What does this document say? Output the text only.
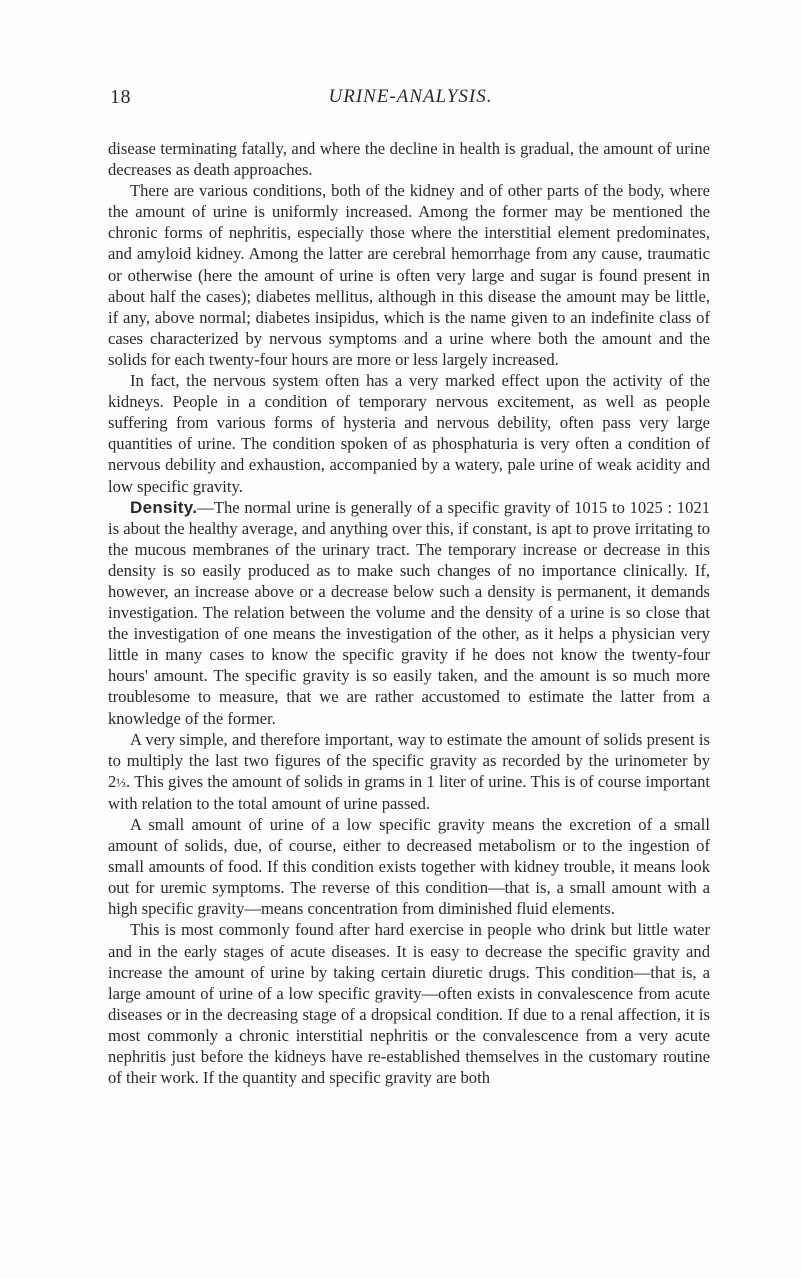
18	URINE-ANALYSIS.

disease terminating fatally, and where the decline in health is gradual, the amount of urine decreases as death approaches.

There are various conditions, both of the kidney and of other parts of the body, where the amount of urine is uniformly increased. Among the former may be mentioned the chronic forms of nephritis, especially those where the interstitial element predominates, and amyloid kidney. Among the latter are cerebral hemorrhage from any cause, traumatic or otherwise (here the amount of urine is often very large and sugar is found present in about half the cases); diabetes mellitus, although in this disease the amount may be little, if any, above normal; diabetes insipidus, which is the name given to an indefinite class of cases characterized by nervous symptoms and a urine where both the amount and the solids for each twenty-four hours are more or less largely increased.

In fact, the nervous system often has a very marked effect upon the activity of the kidneys. People in a condition of temporary nervous excitement, as well as people suffering from various forms of hysteria and nervous debility, often pass very large quantities of urine. The condition spoken of as phosphaturia is very often a condition of nervous debility and exhaustion, accompanied by a watery, pale urine of weak acidity and low specific gravity.

Density.—The normal urine is generally of a specific gravity of 1015 to 1025 : 1021 is about the healthy average, and anything over this, if constant, is apt to prove irritating to the mucous membranes of the urinary tract. The temporary increase or decrease in this density is so easily produced as to make such changes of no importance clinically. If, however, an increase above or a decrease below such a density is permanent, it demands investigation. The relation between the volume and the density of a urine is so close that the investigation of one means the investigation of the other, as it helps a physician very little in many cases to know the specific gravity if he does not know the twenty-four hours' amount. The specific gravity is so easily taken, and the amount is so much more troublesome to measure, that we are rather accustomed to estimate the latter from a knowledge of the former.

A very simple, and therefore important, way to estimate the amount of solids present is to multiply the last two figures of the specific gravity as recorded by the urinometer by 2⅓. This gives the amount of solids in grams in 1 liter of urine. This is of course important with relation to the total amount of urine passed.

A small amount of urine of a low specific gravity means the excretion of a small amount of solids, due, of course, either to decreased metabolism or to the ingestion of small amounts of food. If this condition exists together with kidney trouble, it means look out for uremic symptoms. The reverse of this condition—that is, a small amount with a high specific gravity—means concentration from diminished fluid elements.

This is most commonly found after hard exercise in people who drink but little water and in the early stages of acute diseases. It is easy to decrease the specific gravity and increase the amount of urine by taking certain diuretic drugs. This condition—that is, a large amount of urine of a low specific gravity—often exists in convalescence from acute diseases or in the decreasing stage of a dropsical condition. If due to a renal affection, it is most commonly a chronic interstitial nephritis or the convalescence from a very acute nephritis just before the kidneys have re-established themselves in the customary routine of their work. If the quantity and specific gravity are both
